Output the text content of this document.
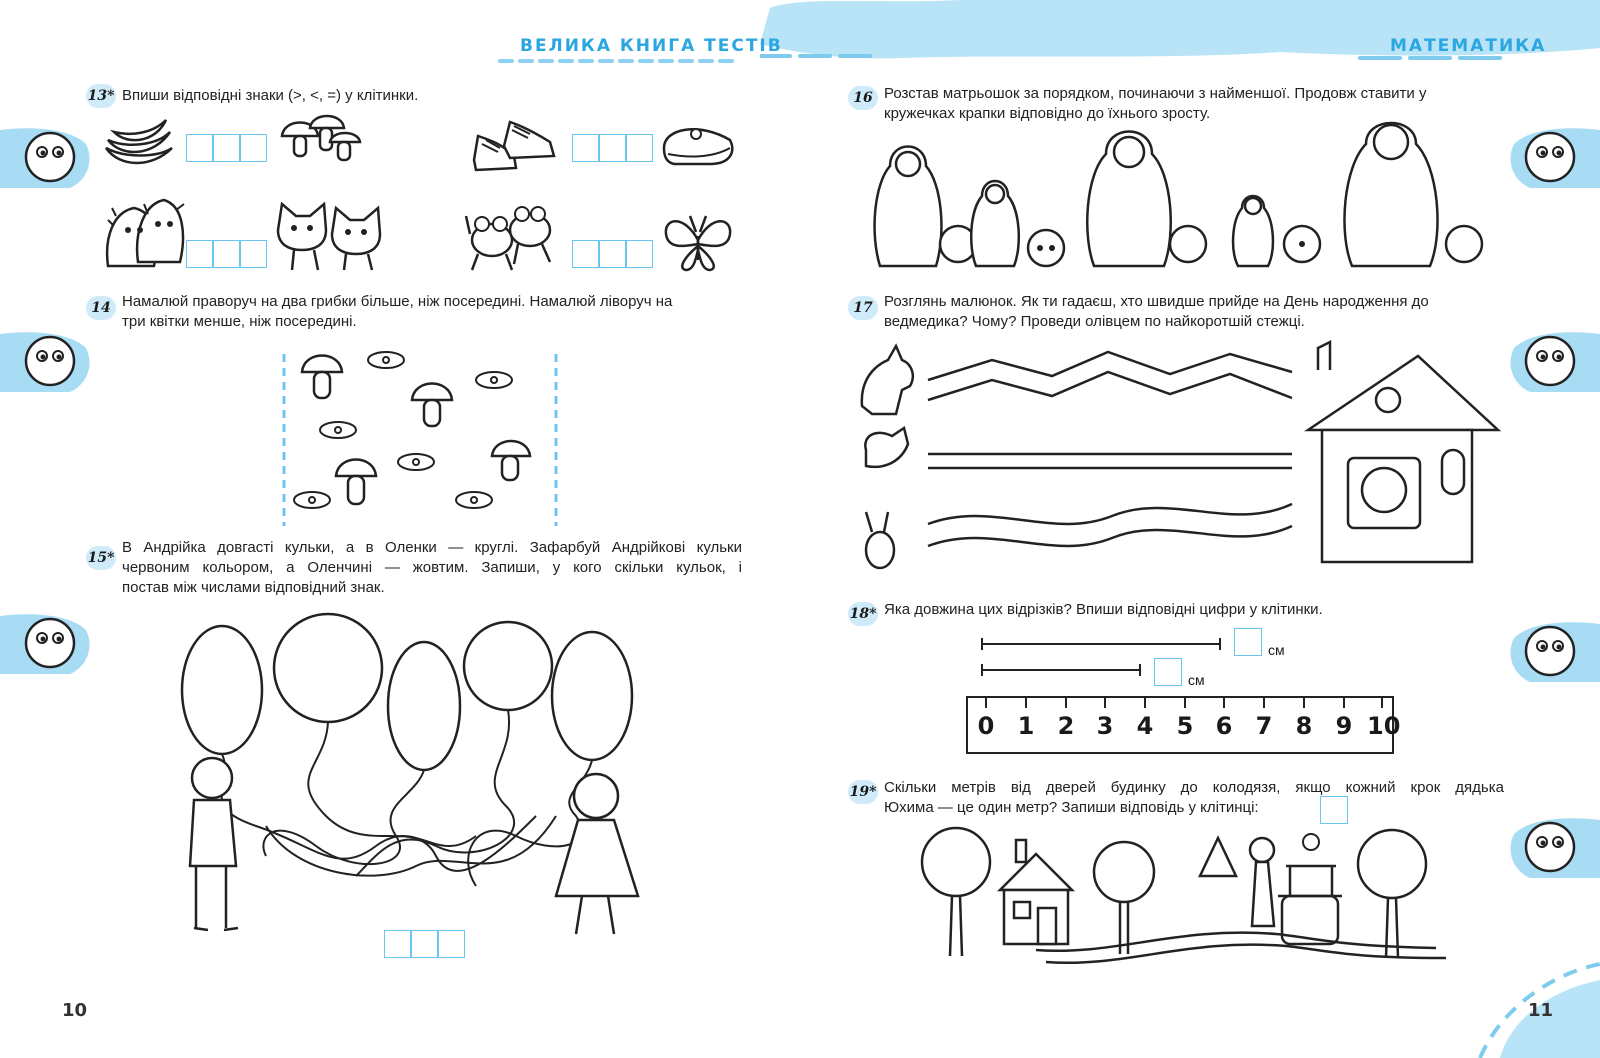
ВЕЛИКА КНИГА ТЕСТІВ	МАТЕМАТИКА
13* Впиши відповідні знаки (>, <, =) у клітинки.
14 Намалюй праворуч на два грибки більше, ніж посередині. Намалюй ліворуч на
три квітки менше, ніж посередині.
15*
В Андрійка довгасті кульки, а в Оленки — круглі. Зафарбуй Андрійкові кульки
червоним кольором, а Оленчині — жовтим. Запиши, у кого скільки кульок, і
постав між числами відповідний знак.
10
16 Розстав матрьошок за порядком, починаючи з найменшої. Продовж ставити у
кружечках крапки відповідно до їхнього зросту.
17 Розглянь малюнок. Як ти гадаєш, хто швидше прийде на День народження до
ведмедика? Чому? Проведи олівцем по найкоротшій стежці.
18* Яка довжина цих відрізків? Впиши відповідні цифри у клітинки.
см
см
0 1 2 3 4 5 6 7 8 9 10
19* Скільки метрів від дверей будинку до колодязя, якщо кожний крок дядька
Юхима — це один метр? Запиши відповідь у клітинці:
11
